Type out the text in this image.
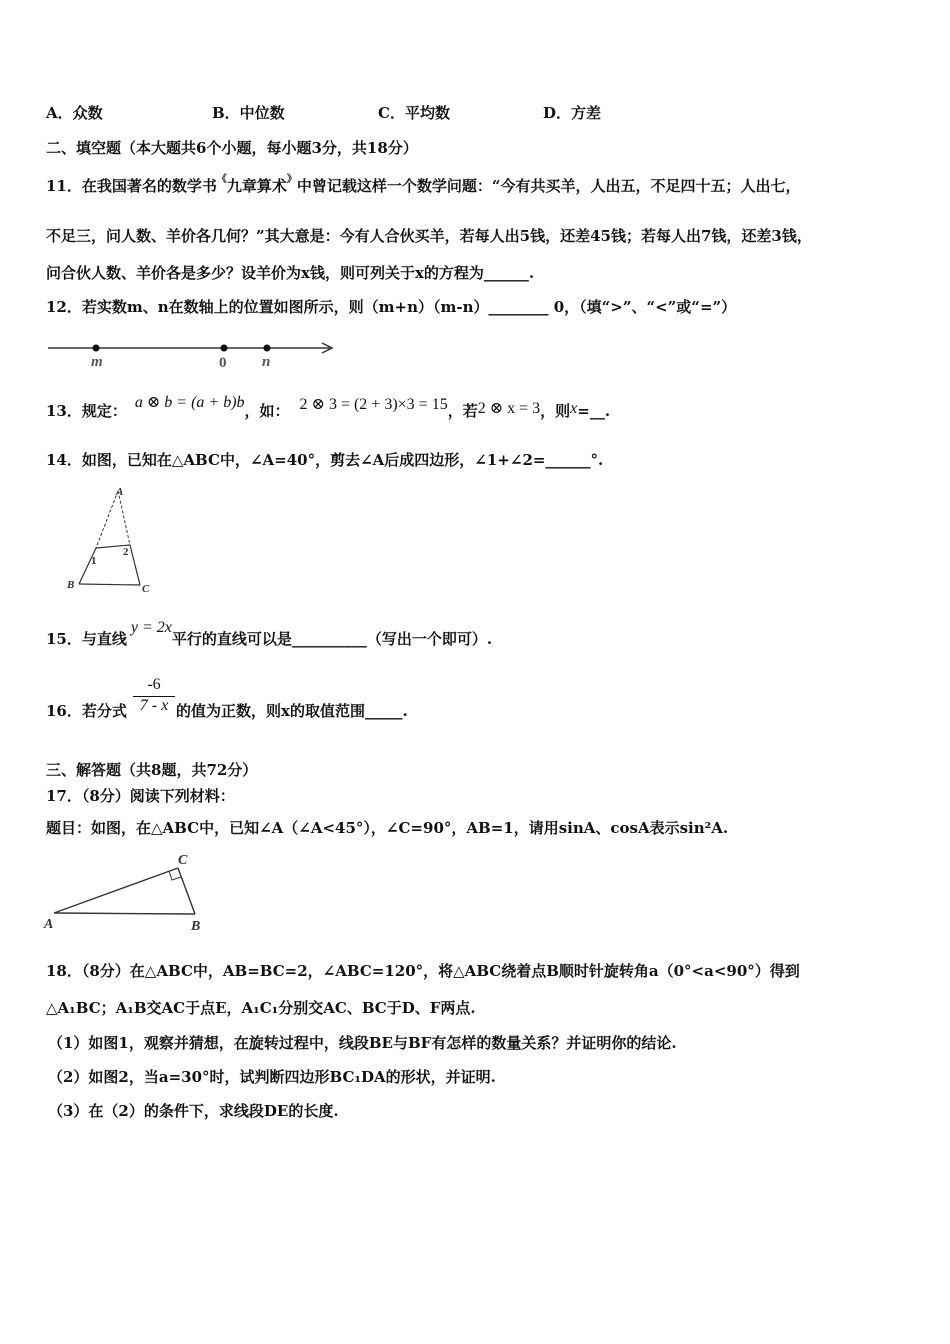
A．众数	B．中位数	C．平均数	D．方差
二、填空题（本大题共6个小题，每小题3分，共18分）
11．在我国著名的数学书《九章算术》中曾记载这样一个数学问题：“今有共买羊，人出五，不足四十五；人出七，
不足三，问人数、羊价各几何？”其大意是：今有人合伙买羊，若每人出5钱，还差45钱；若每人出7钱，还差3钱，
问合伙人数、羊价各是多少？设羊价为x钱，则可列关于x的方程为______.
12．若实数m、n在数轴上的位置如图所示，则（m+n）（m-n）________ 0，（填“>”、“<”或“=”）
m	0 n
13．规定： a ⊗ b = (a + b)b，如： 2 ⊗ 3 = (2 + 3)×3 = 15，若2 ⊗ x = 3，则x=__.
14．如图，已知在△ABC中，∠A=40°，剪去∠A后成四边形，∠1+∠2=______°.
A
B	C
1
2
15．与直线y = 2x平行的直线可以是__________（写出一个即可）.
16．若分式
-6
7 - x 的值为正数，则x的取值范围_____.
三、解答题（共8题，共72分）
17．（8分）阅读下列材料：
题目：如图，在△ABC中，已知∠A（∠A<45°），∠C=90°，AB=1，请用sinA、cosA表示sin²A.
A	B
C
18．（8分）在△ABC中，AB=BC=2，∠ABC=120°，将△ABC绕着点B顺时针旋转角a（0°<a<90°）得到
△A₁BC；A₁B交AC于点E，A₁C₁分别交AC、BC于D、F两点.
（1）如图1，观察并猜想，在旋转过程中，线段BE与BF有怎样的数量关系？并证明你的结论.
（2）如图2，当a=30°时，试判断四边形BC₁DA的形状，并证明.
（3）在（2）的条件下，求线段DE的长度.
